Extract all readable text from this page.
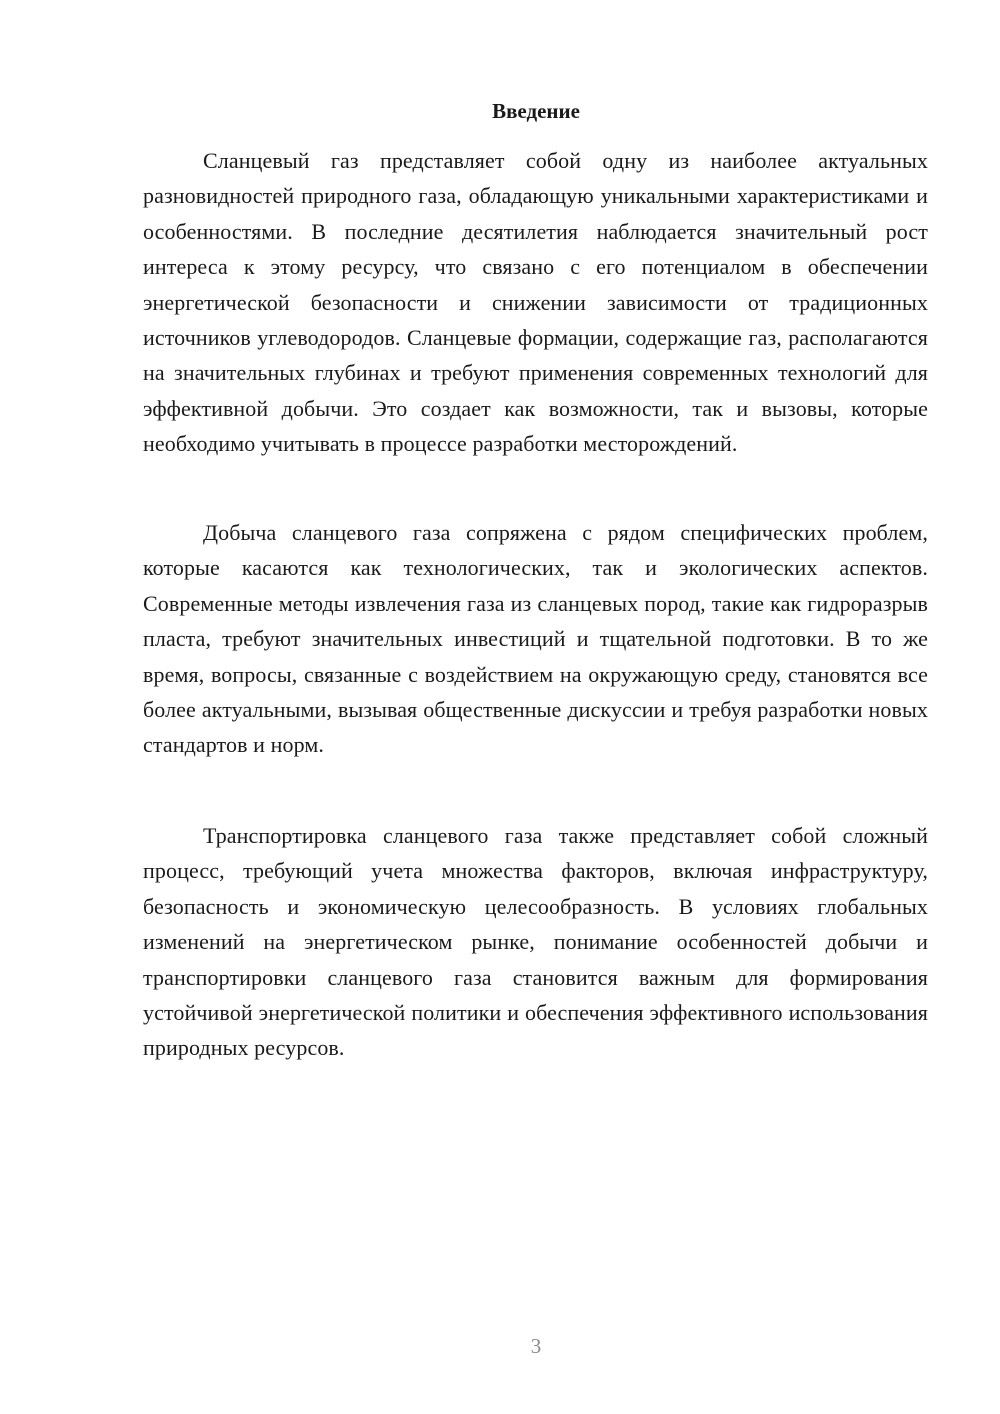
Введение

Сланцевый газ представляет собой одну из наиболее актуальных разновидностей природного газа, обладающую уникальными характеристиками и особенностями. В последние десятилетия наблюдается значительный рост интереса к этому ресурсу, что связано с его потенциалом в обеспечении энергетической безопасности и снижении зависимости от традиционных источников углеводородов. Сланцевые формации, содержащие газ, располагаются на значительных глубинах и требуют применения современных технологий для эффективной добычи. Это создает как возможности, так и вызовы, которые необходимо учитывать в процессе разработки месторождений.

Добыча сланцевого газа сопряжена с рядом специфических проблем, которые касаются как технологических, так и экологических аспектов. Современные методы извлечения газа из сланцевых пород, такие как гидроразрыв пласта, требуют значительных инвестиций и тщательной подготовки. В то же время, вопросы, связанные с воздействием на окружающую среду, становятся все более актуальными, вызывая общественные дискуссии и требуя разработки новых стандартов и норм.

Транспортировка сланцевого газа также представляет собой сложный процесс, требующий учета множества факторов, включая инфраструктуру, безопасность и экономическую целесообразность. В условиях глобальных изменений на энергетическом рынке, понимание особенностей добычи и транспортировки сланцевого газа становится важным для формирования устойчивой энергетической политики и обеспечения эффективного использования природных ресурсов.

3
